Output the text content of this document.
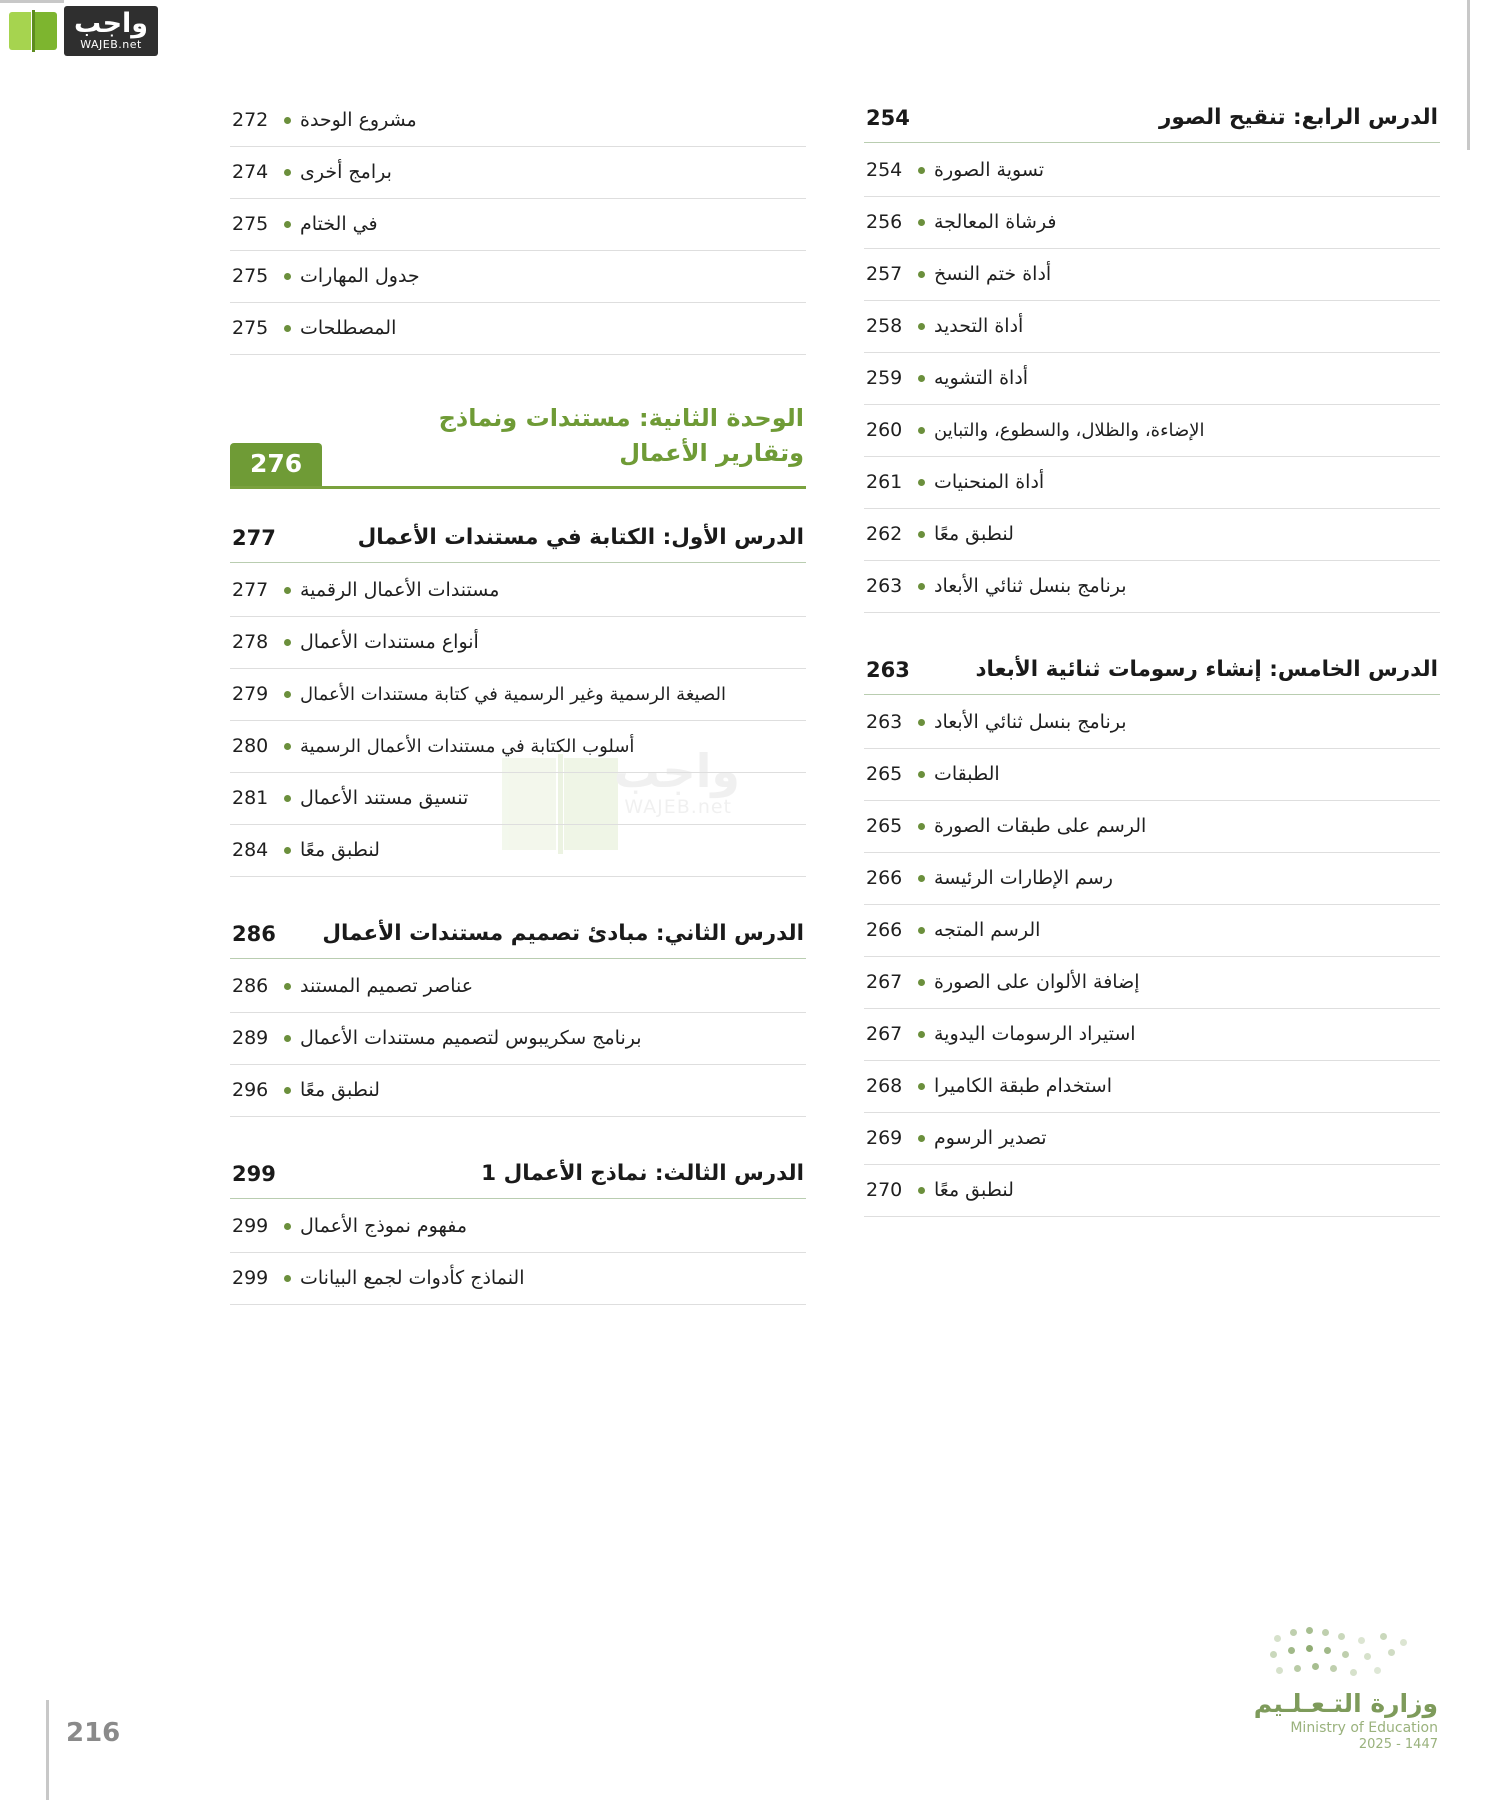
واجب
WAJEB.net
واجب
WAJEB.net
مشروع الوحدة
272
برامج أخرى
274
في الختام
275
جدول المهارات
275
المصطلحات
275
الوحدة الثانية: مستندات ونماذج وتقارير الأعمال
276
الدرس الأول: الكتابة في مستندات الأعمال
277
مستندات الأعمال الرقمية
277
أنواع مستندات الأعمال
278
الصيغة الرسمية وغير الرسمية في كتابة مستندات الأعمال
279
أسلوب الكتابة في مستندات الأعمال الرسمية
280
تنسيق مستند الأعمال
281
لنطبق معًا
284
الدرس الثاني: مبادئ تصميم مستندات الأعمال
286
عناصر تصميم المستند
286
برنامج سكريبوس لتصميم مستندات الأعمال
289
لنطبق معًا
296
الدرس الثالث: نماذج الأعمال 1
299
مفهوم نموذج الأعمال
299
النماذج كأدوات لجمع البيانات
299
الدرس الرابع: تنقيح الصور
254
تسوية الصورة
254
فرشاة المعالجة
256
أداة ختم النسخ
257
أداة التحديد
258
أداة التشويه
259
الإضاءة، والظلال، والسطوع، والتباين
260
أداة المنحنيات
261
لنطبق معًا
262
برنامج بنسل ثنائي الأبعاد
263
الدرس الخامس: إنشاء رسومات ثنائية الأبعاد
263
برنامج بنسل ثنائي الأبعاد
263
الطبقات
265
الرسم على طبقات الصورة
265
رسم الإطارات الرئيسة
266
الرسم المتجه
266
إضافة الألوان على الصورة
267
استيراد الرسومات اليدوية
267
استخدام طبقة الكاميرا
268
تصدير الرسوم
269
لنطبق معًا
270
وزارة التـعـلـيم
Ministry of Education
2025 - 1447
216
